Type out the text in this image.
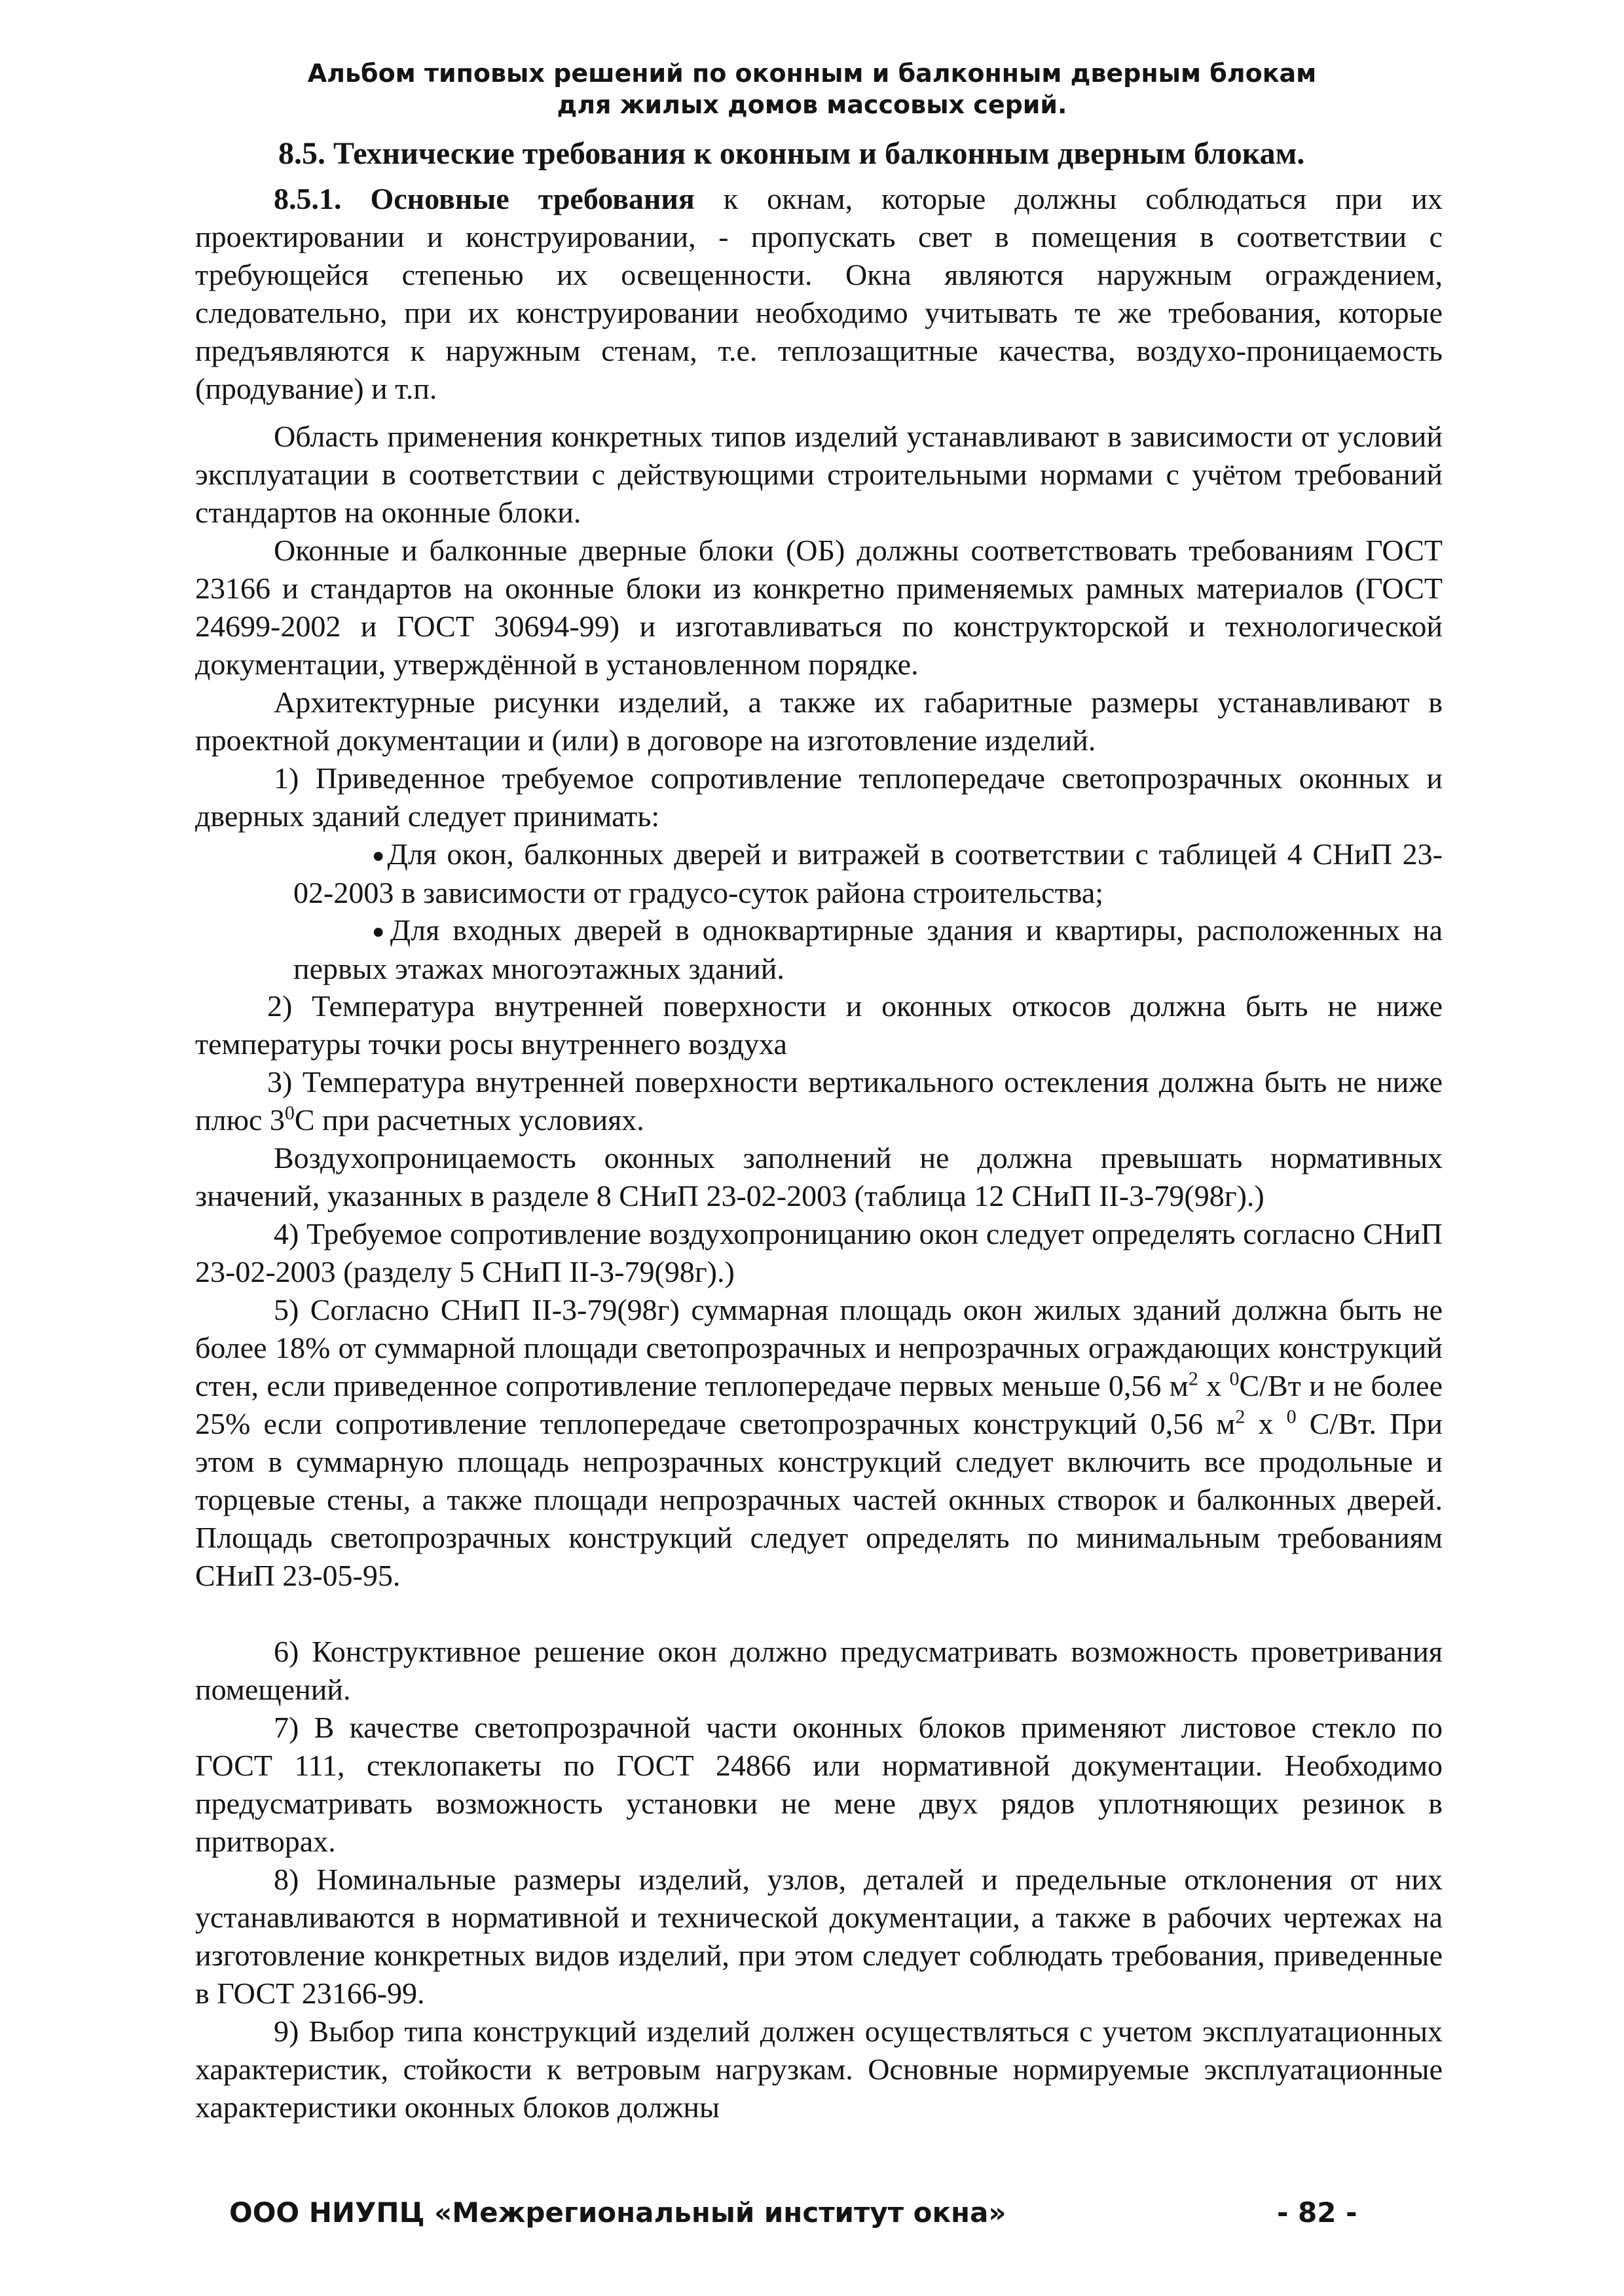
Альбом типовых решений по оконным и балконным дверным блокам
для жилых домов массовых серий.
8.5. Технические требования к оконным и балконным дверным блокам.
8.5.1. Основные требования к окнам, которые должны соблюдаться при их проектировании и конструировании, - пропускать свет в помещения в соответствии с требующейся степенью их освещенности. Окна являются наружным ограждением, следовательно, при их конструировании необходимо учитывать те же требования, которые предъявляются к наружным стенам, т.е. теплозащитные качества, воздухо-проницаемость (продувание) и т.п.
Область применения конкретных типов изделий устанавливают в зависимости от условий эксплуатации в соответствии с действующими строительными нормами с учётом требований стандартов на оконные блоки.
Оконные и балконные дверные блоки (ОБ) должны соответствовать требованиям ГОСТ 23166 и стандартов на оконные блоки из конкретно применяемых рамных материалов (ГОСТ 24699-2002 и ГОСТ 30694-99) и изготавливаться по конструкторской и технологической документации, утверждённой в установленном порядке.
Архитектурные рисунки изделий, а также их габаритные размеры устанавливают в проектной документации и (или) в договоре на изготовление изделий.
1) Приведенное требуемое сопротивление теплопередаче светопрозрачных оконных и дверных зданий следует принимать:
●Для окон, балконных дверей и витражей в соответствии с таблицей 4 СНиП 23-02-2003 в зависимости от градусо-суток района строительства;
●Для входных дверей в одноквартирные здания и квартиры, расположенных на первых этажах многоэтажных зданий.
2) Температура внутренней поверхности и оконных откосов должна быть не ниже температуры точки росы внутреннего воздуха
3) Температура внутренней поверхности вертикального остекления должна быть не ниже плюс $3^0С$ при расчетных условиях.
Воздухопроницаемость оконных заполнений не должна превышать нормативных значений, указанных в разделе 8 СНиП 23-02-2003 (таблица 12 СНиП II-3-79(98г).)
4) Требуемое сопротивление воздухопроницанию окон следует определять согласно СНиП 23-02-2003 (разделу 5 СНиП II-3-79(98г).)
5) Согласно СНиП II-3-79(98г) суммарная площадь окон жилых зданий должна быть не более 18% от суммарной площади светопрозрачных и непрозрачных ограждающих конструкций стен, если приведенное сопротивление теплопередаче первых меньше 0,56 $м^2$ х $^0$С/Вт и не более 25% если сопротивление теплопередаче светопрозрачных конструкций 0,56 $м^2$ х $^0$ С/Вт. При этом в суммарную площадь непрозрачных конструкций следует включить все продольные и торцевые стены, а также площади непрозрачных частей окнных створок и балконных дверей. Площадь светопрозрачных конструкций следует определять по минимальным требованиям СНиП 23-05-95.
6) Конструктивное решение окон должно предусматривать возможность проветривания помещений.
7) В качестве светопрозрачной части оконных блоков применяют листовое стекло по ГОСТ 111, стеклопакеты по ГОСТ 24866 или нормативной документации. Необходимо предусматривать возможность установки не мене двух рядов уплотняющих резинок в притворах.
8) Номинальные размеры изделий, узлов, деталей и предельные отклонения от них устанавливаются в нормативной и технической документации, а также в рабочих чертежах на изготовление конкретных видов изделий, при этом следует соблюдать требования, приведенные в ГОСТ 23166-99.
9) Выбор типа конструкций изделий должен осуществляться с учетом эксплуатационных характеристик, стойкости к ветровым нагрузкам. Основные нормируемые эксплуатационные характеристики оконных блоков должны
ООО НИУПЦ «Межрегиональный институт окна»	- 82 -
